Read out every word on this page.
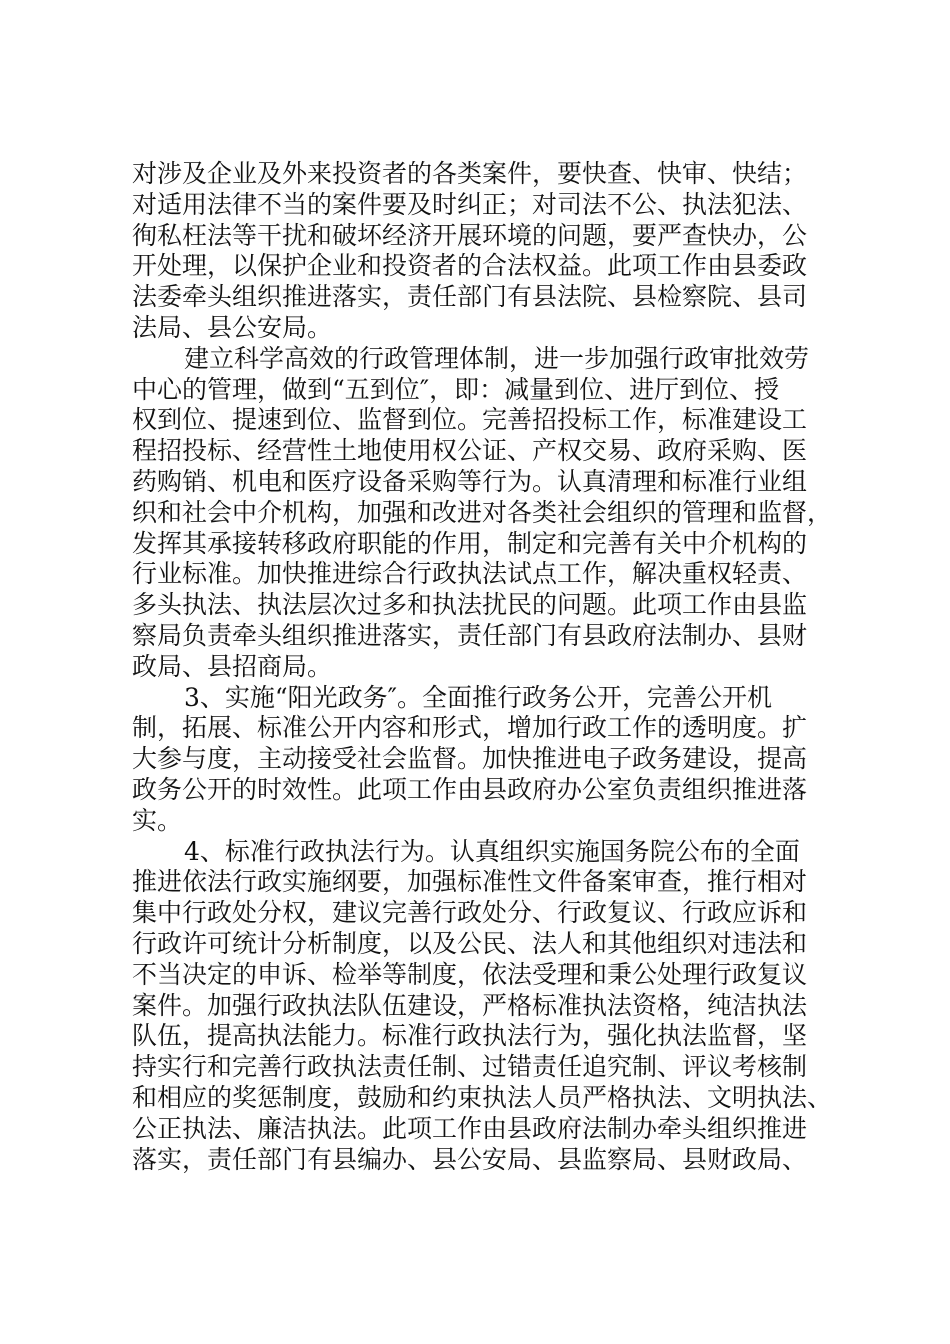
对涉及企业及外来投资者的各类案件，要快查、快审、快结；
对适用法律不当的案件要及时纠正；对司法不公、执法犯法、
徇私枉法等干扰和破坏经济开展环境的问题，要严查快办，公
开处理，以保护企业和投资者的合法权益。此项工作由县委政
法委牵头组织推进落实，责任部门有县法院、县检察院、县司
法局、县公安局。
建立科学高效的行政管理体制，进一步加强行政审批效劳
中心的管理，做到“五到位″，即：减量到位、进厅到位、授
权到位、提速到位、监督到位。完善招投标工作，标准建设工
程招投标、经营性土地使用权公证、产权交易、政府采购、医
药购销、机电和医疗设备采购等行为。认真清理和标准行业组
织和社会中介机构，加强和改进对各类社会组织的管理和监督，
发挥其承接转移政府职能的作用，制定和完善有关中介机构的
行业标准。加快推进综合行政执法试点工作，解决重权轻责、
多头执法、执法层次过多和执法扰民的问题。此项工作由县监
察局负责牵头组织推进落实，责任部门有县政府法制办、县财
政局、县招商局。
3、实施“阳光政务″。全面推行政务公开，完善公开机
制，拓展、标准公开内容和形式，增加行政工作的透明度。扩
大参与度，主动接受社会监督。加快推进电子政务建设，提高
政务公开的时效性。此项工作由县政府办公室负责组织推进落
实。
4、标准行政执法行为。认真组织实施国务院公布的全面
推进依法行政实施纲要，加强标准性文件备案审查，推行相对
集中行政处分权，建议完善行政处分、行政复议、行政应诉和
行政许可统计分析制度，以及公民、法人和其他组织对违法和
不当决定的申诉、检举等制度，依法受理和秉公处理行政复议
案件。加强行政执法队伍建设，严格标准执法资格，纯洁执法
队伍，提高执法能力。标准行政执法行为，强化执法监督，坚
持实行和完善行政执法责任制、过错责任追究制、评议考核制
和相应的奖惩制度，鼓励和约束执法人员严格执法、文明执法、
公正执法、廉洁执法。此项工作由县政府法制办牵头组织推进
落实，责任部门有县编办、县公安局、县监察局、县财政局、
